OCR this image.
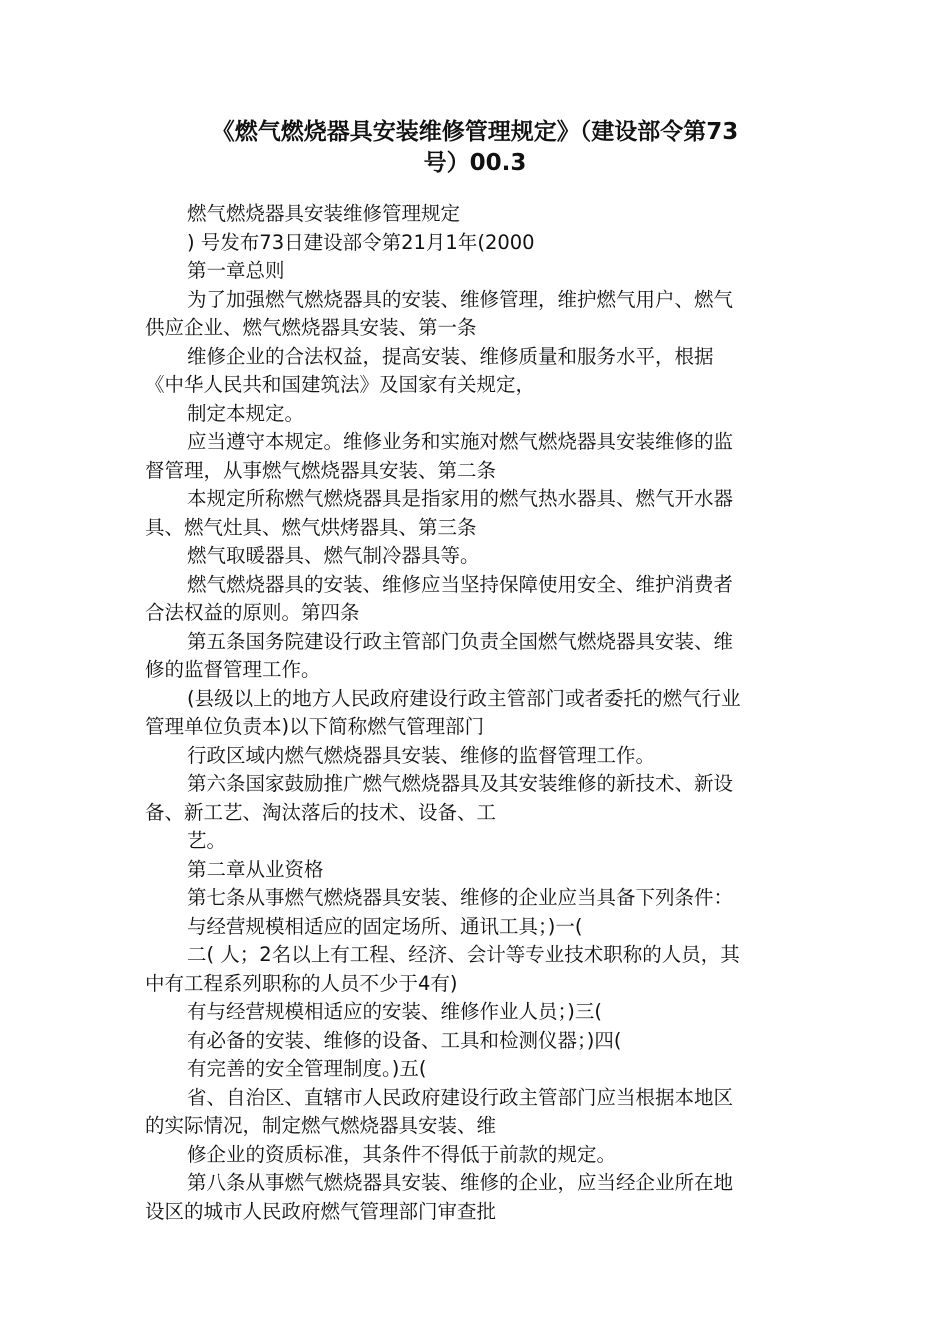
《燃气燃烧器具安装维修管理规定》（建设部令第73
号）00.3
燃气燃烧器具安装维修管理规定
) 号发布73日建设部令第21月1年(2000
第一章总则
为了加强燃气燃烧器具的安装、维修管理，维护燃气用户、燃气
供应企业、燃气燃烧器具安装、第一条
维修企业的合法权益，提高安装、维修质量和服务水平，根据
《中华人民共和国建筑法》及国家有关规定，
制定本规定。
应当遵守本规定。维修业务和实施对燃气燃烧器具安装维修的监
督管理，从事燃气燃烧器具安装、第二条
本规定所称燃气燃烧器具是指家用的燃气热水器具、燃气开水器
具、燃气灶具、燃气烘烤器具、第三条
燃气取暖器具、燃气制冷器具等。
燃气燃烧器具的安装、维修应当坚持保障使用安全、维护消费者
合法权益的原则。第四条
第五条国务院建设行政主管部门负责全国燃气燃烧器具安装、维
修的监督管理工作。
(县级以上的地方人民政府建设行政主管部门或者委托的燃气行业
管理单位负责本)以下简称燃气管理部门
行政区域内燃气燃烧器具安装、维修的监督管理工作。
第六条国家鼓励推广燃气燃烧器具及其安装维修的新技术、新设
备、新工艺、淘汰落后的技术、设备、工
艺。
第二章从业资格
第七条从事燃气燃烧器具安装、维修的企业应当具备下列条件：
与经营规模相适应的固定场所、通讯工具；)一(
二( 人；2名以上有工程、经济、会计等专业技术职称的人员，其
中有工程系列职称的人员不少于4有)
有与经营规模相适应的安装、维修作业人员；)三(
有必备的安装、维修的设备、工具和检测仪器；)四(
有完善的安全管理制度。)五(
省、自治区、直辖市人民政府建设行政主管部门应当根据本地区
的实际情况，制定燃气燃烧器具安装、维
修企业的资质标准，其条件不得低于前款的规定。
第八条从事燃气燃烧器具安装、维修的企业，应当经企业所在地
设区的城市人民政府燃气管理部门审查批
